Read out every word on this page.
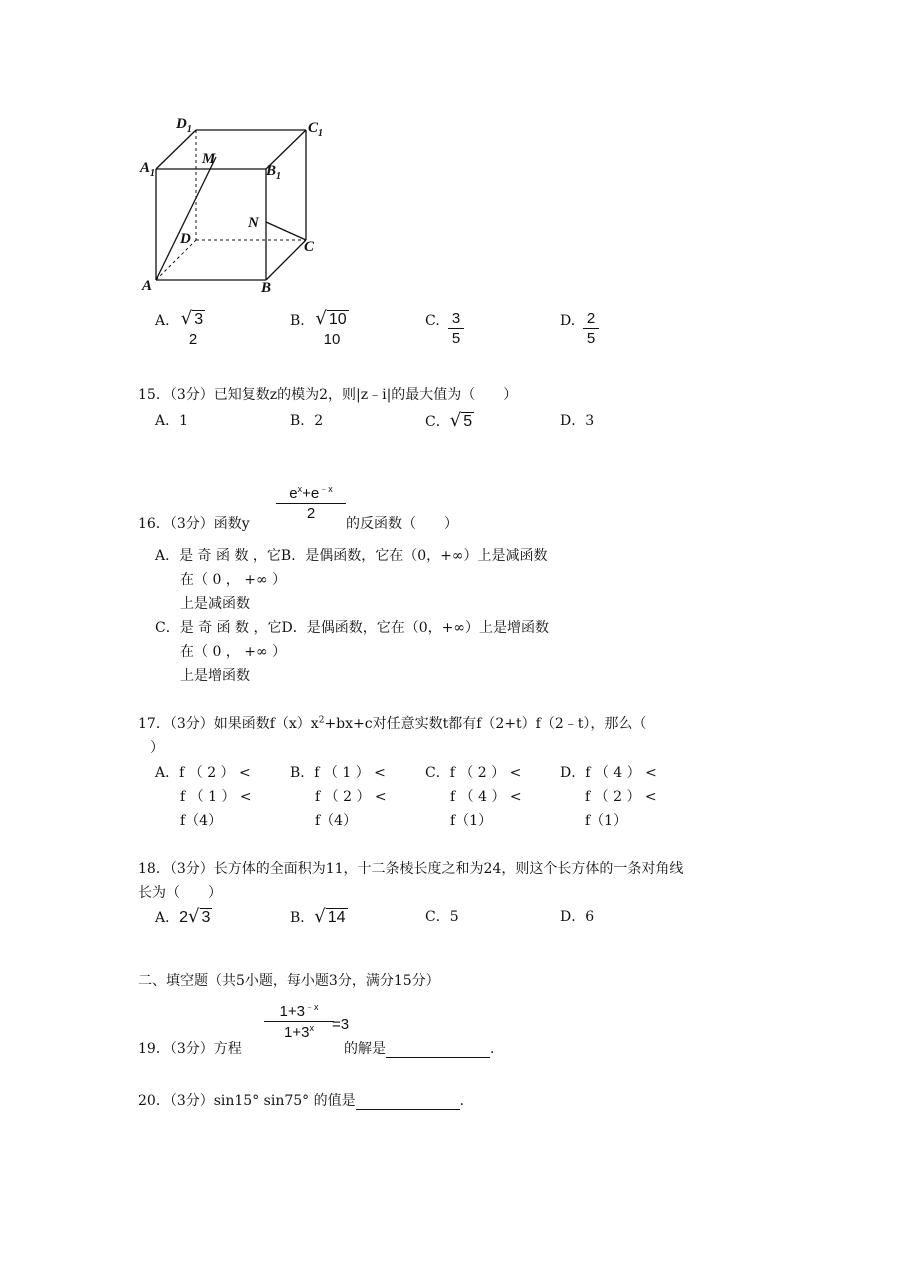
$D_1$	$C_1$
$A_1$	$B_1$
M
N
D	C
A	B
A. √ 3
2
B. √ 10
10
C. 3
5
D. 2
5
15．（3分）已知复数z的模为2，则|z﹣i|的最大值为（　　）
A．1	B．2	C．√ 5	D．3
16．（3分）函数y
$e^x+e^{﹣x}$
2
的反函数（　　）
A．是 奇 函 数 ，它B．是偶函数，它在（0，+∞）上是减函数
在（ 0 ， +∞ ）
上是减函数
C．是 奇 函 数 ，它D．是偶函数，它在（0，+∞）上是增函数
在（ 0 ， +∞ ）
上是增函数
17．（3分）如果函数$f(x)x^2+bx+c$对任意实数t都有f（2+t）f（2﹣t），那么（
）
A．f （ 2 ） <	B．f （ 1 ） <	C．f （ 2 ） <	D．f （ 4 ） <
f （ 1 ） <	f （ 2 ） <	f （ 4 ） <	f （ 2 ） <
f（4）	f（4）	f（1）	f（1）
18．（3分）长方体的全面积为11，十二条棱长度之和为24，则这个长方体的一条对角线
长为（　　）
A．2√ 3	B．√ 14	C．5	D．6
二、填空题（共5小题，每小题3分，满分15分）
19．（3分）方程
$1+3^{﹣x}$
$1+3^x$	=3
的解是	．
20．（3分）sin15° sin75° 的值是	．
